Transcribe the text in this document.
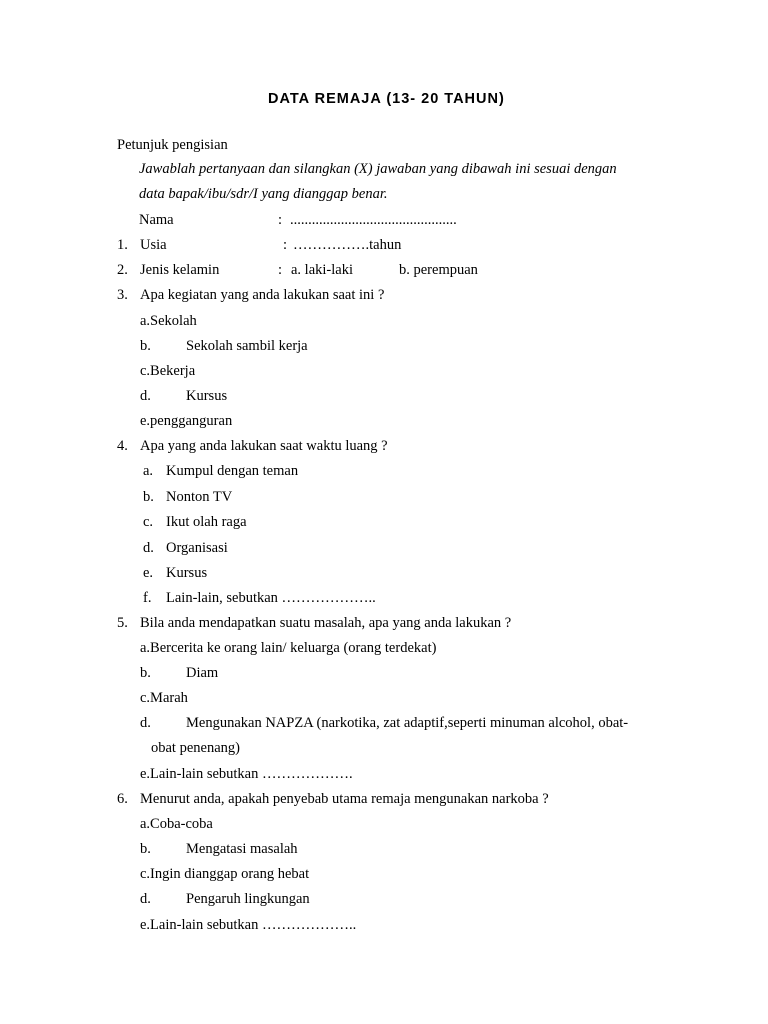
DATA REMAJA (13- 20 TAHUN)
Petunjuk pengisian
Jawablah pertanyaan dan silangkan (X) jawaban yang dibawah ini sesuai dengan
data bapak/ibu/sdr/I yang dianggap benar.
Nama	: ..............................................
1. Usia	: …………….tahun
2. Jenis kelamin	: a. laki-laki	b. perempuan
3. Apa kegiatan yang anda lakukan saat ini ?
a.Sekolah
b. Sekolah sambil kerja
c.Bekerja
d. Kursus
e.pengganguran
4. Apa yang anda lakukan saat waktu luang ?
a. Kumpul dengan teman
b. Nonton TV
c. Ikut olah raga
d. Organisasi
e. Kursus
f. Lain-lain, sebutkan ………………..
5. Bila anda mendapatkan suatu masalah, apa yang anda lakukan ?
a.Bercerita ke orang lain/ keluarga (orang terdekat)
b. Diam
c.Marah
d. Mengunakan NAPZA (narkotika, zat adaptif,seperti minuman alcohol, obat-
obat penenang)
e.Lain-lain sebutkan ……………….
6. Menurut anda, apakah penyebab utama remaja mengunakan narkoba ?
a.Coba-coba
b. Mengatasi masalah
c.Ingin dianggap orang hebat
d. Pengaruh lingkungan
e.Lain-lain sebutkan ………………..
